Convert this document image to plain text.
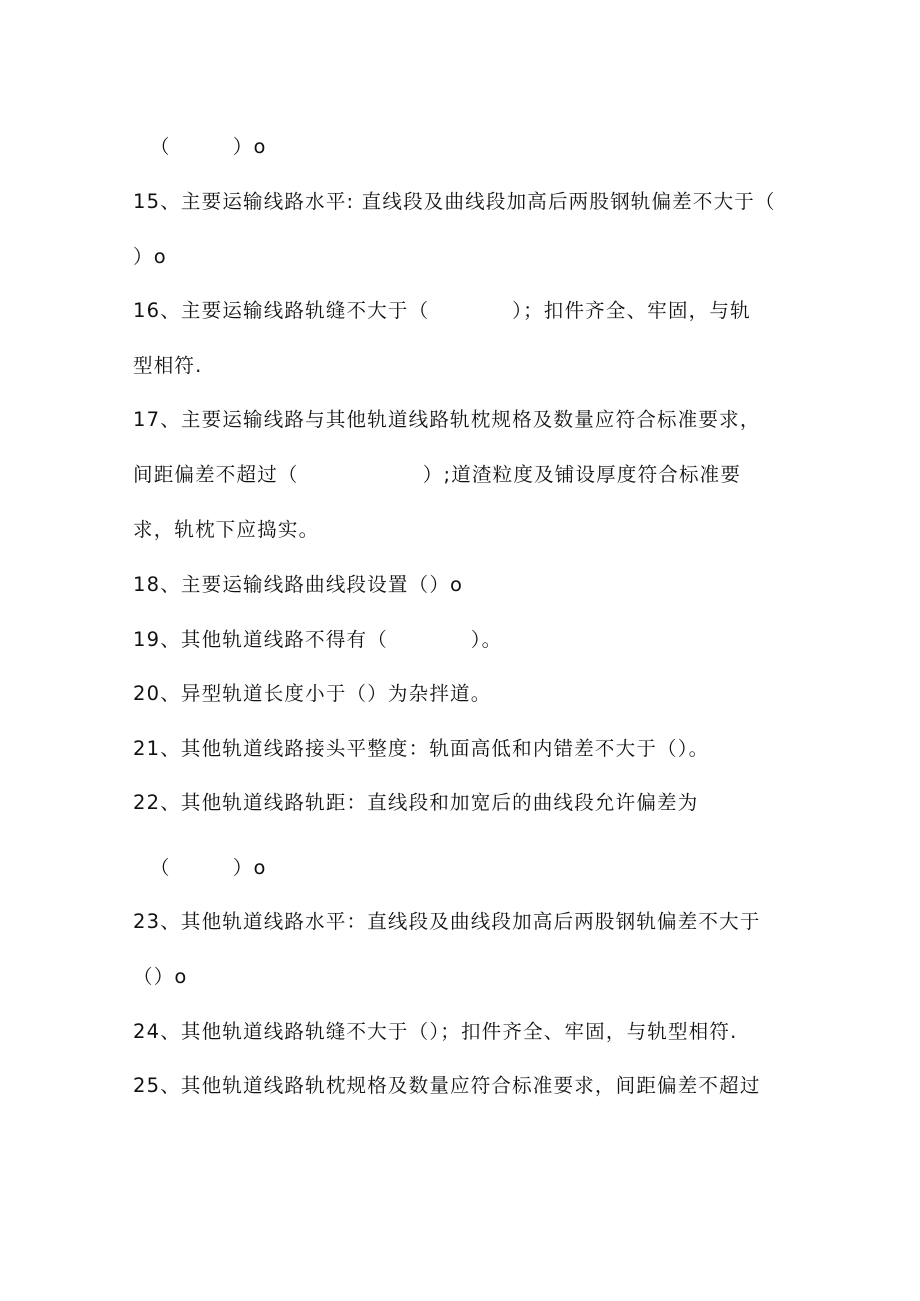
（　　　）o
15、主要运输线路水平: 直线段及曲线段加高后两股钢轨偏差不大于（
）o
16、主要运输线路轨缝不大于（　　　　）；扣件齐全、牢固，与轨
型相符.
17、主要运输线路与其他轨道线路轨枕规格及数量应符合标准要求，
间距偏差不超过（　　　　　　）;道渣粒度及铺设厚度符合标准要
求，轨枕下应捣实。
18、主要运输线路曲线段设置（）o
19、其他轨道线路不得有（　　　　）。
20、异型轨道长度小于（）为杂拌道。
21、其他轨道线路接头平整度：轨面高低和内错差不大于（）。
22、其他轨道线路轨距：直线段和加宽后的曲线段允许偏差为
（　　　）o
23、其他轨道线路水平：直线段及曲线段加高后两股钢轨偏差不大于
（）o
24、其他轨道线路轨缝不大于（）；扣件齐全、牢固，与轨型相符.
25、其他轨道线路轨枕规格及数量应符合标准要求，间距偏差不超过
